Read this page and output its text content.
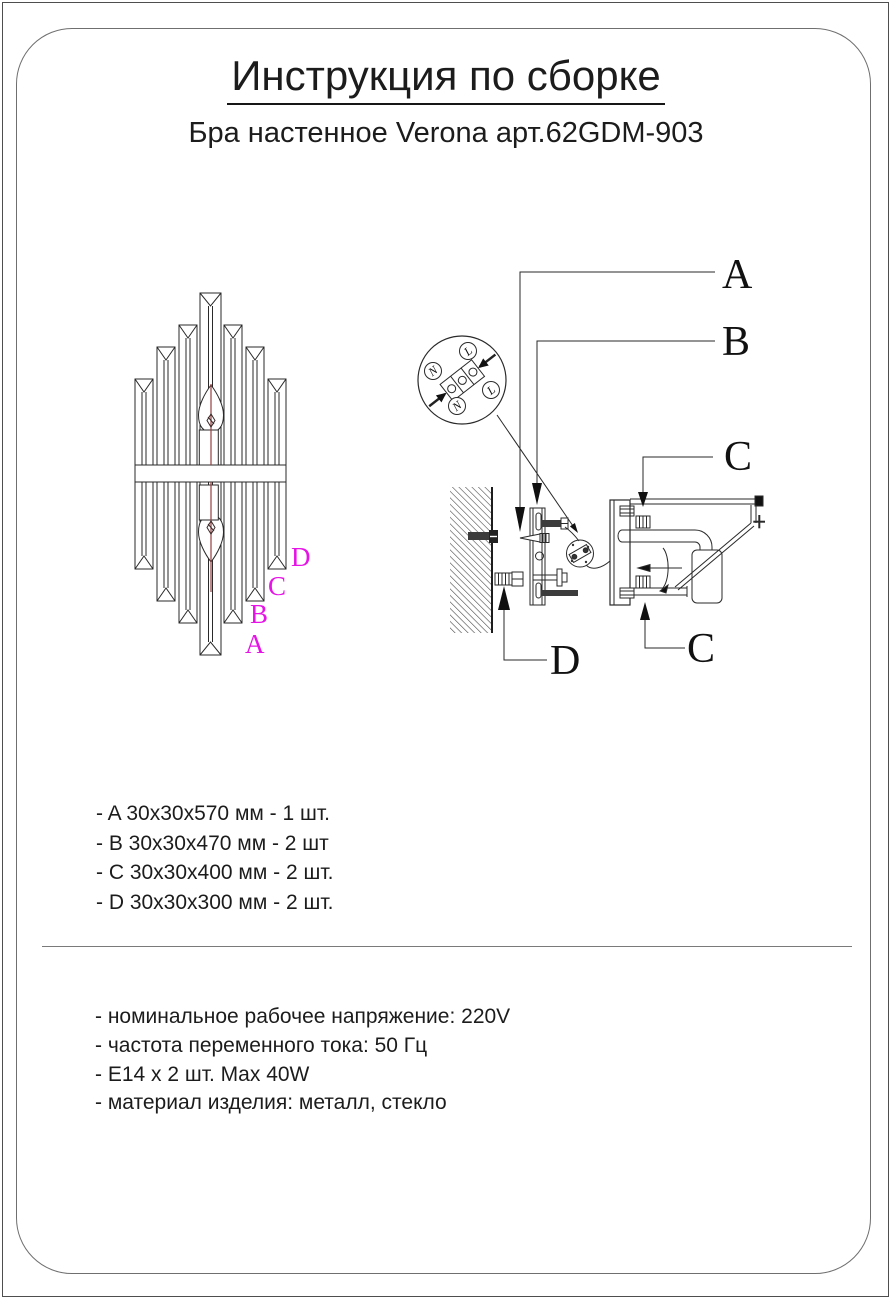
Инструкция по сборке
Бра настенное Verona арт.62GDM-903
A
B
C
D
N
L
L
N
A
B
C
C
D
- A 30x30x570 мм - 1 шт.
- B 30x30x470 мм - 2 шт
- C 30x30x400 мм - 2 шт.
- D 30x30x300 мм - 2 шт.
- номинальное рабочее напряжение: 220V
- частота переменного тока: 50 Гц
- E14 x 2 шт. Max 40W
- материал изделия: металл, стекло
